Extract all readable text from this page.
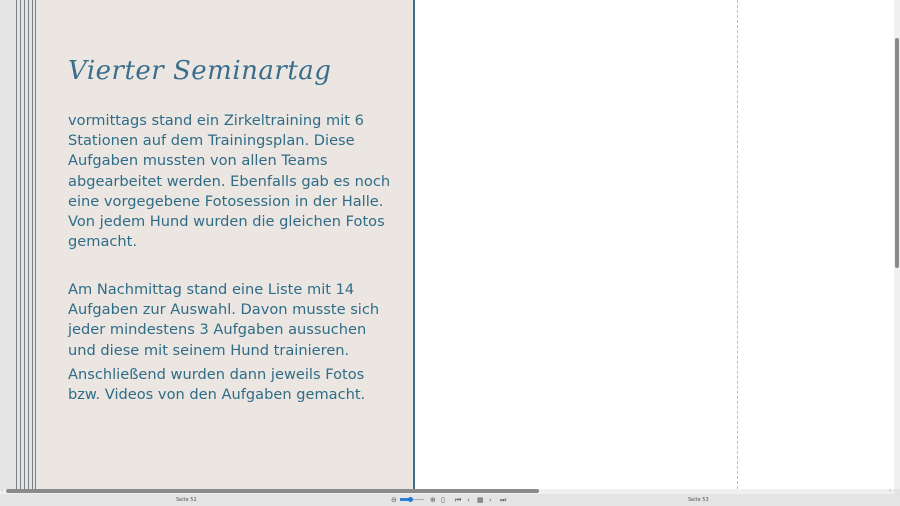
Vierter Seminartag

vormittags stand ein Zirkeltraining mit 6 Stationen auf dem Trainingsplan. Diese Aufgaben mussten von allen Teams abgearbeitet werden. Ebenfalls gab es noch eine vorgegebene Fotosession in der Halle. Von jedem Hund wurden die gleichen Fotos gemacht.

Am Nachmittag stand eine Liste mit 14 Aufgaben zur Auswahl. Davon musste sich jeder mindestens 3 Aufgaben aussuchen und diese mit seinem Hund trainieren.

Anschließend wurden dann jeweils Fotos bzw. Videos von den Aufgaben gemacht.

‹	›
Seite 52	⊖	⊕ ▯ ⏮ ‹ ▦ › ⏭	Seite 53
